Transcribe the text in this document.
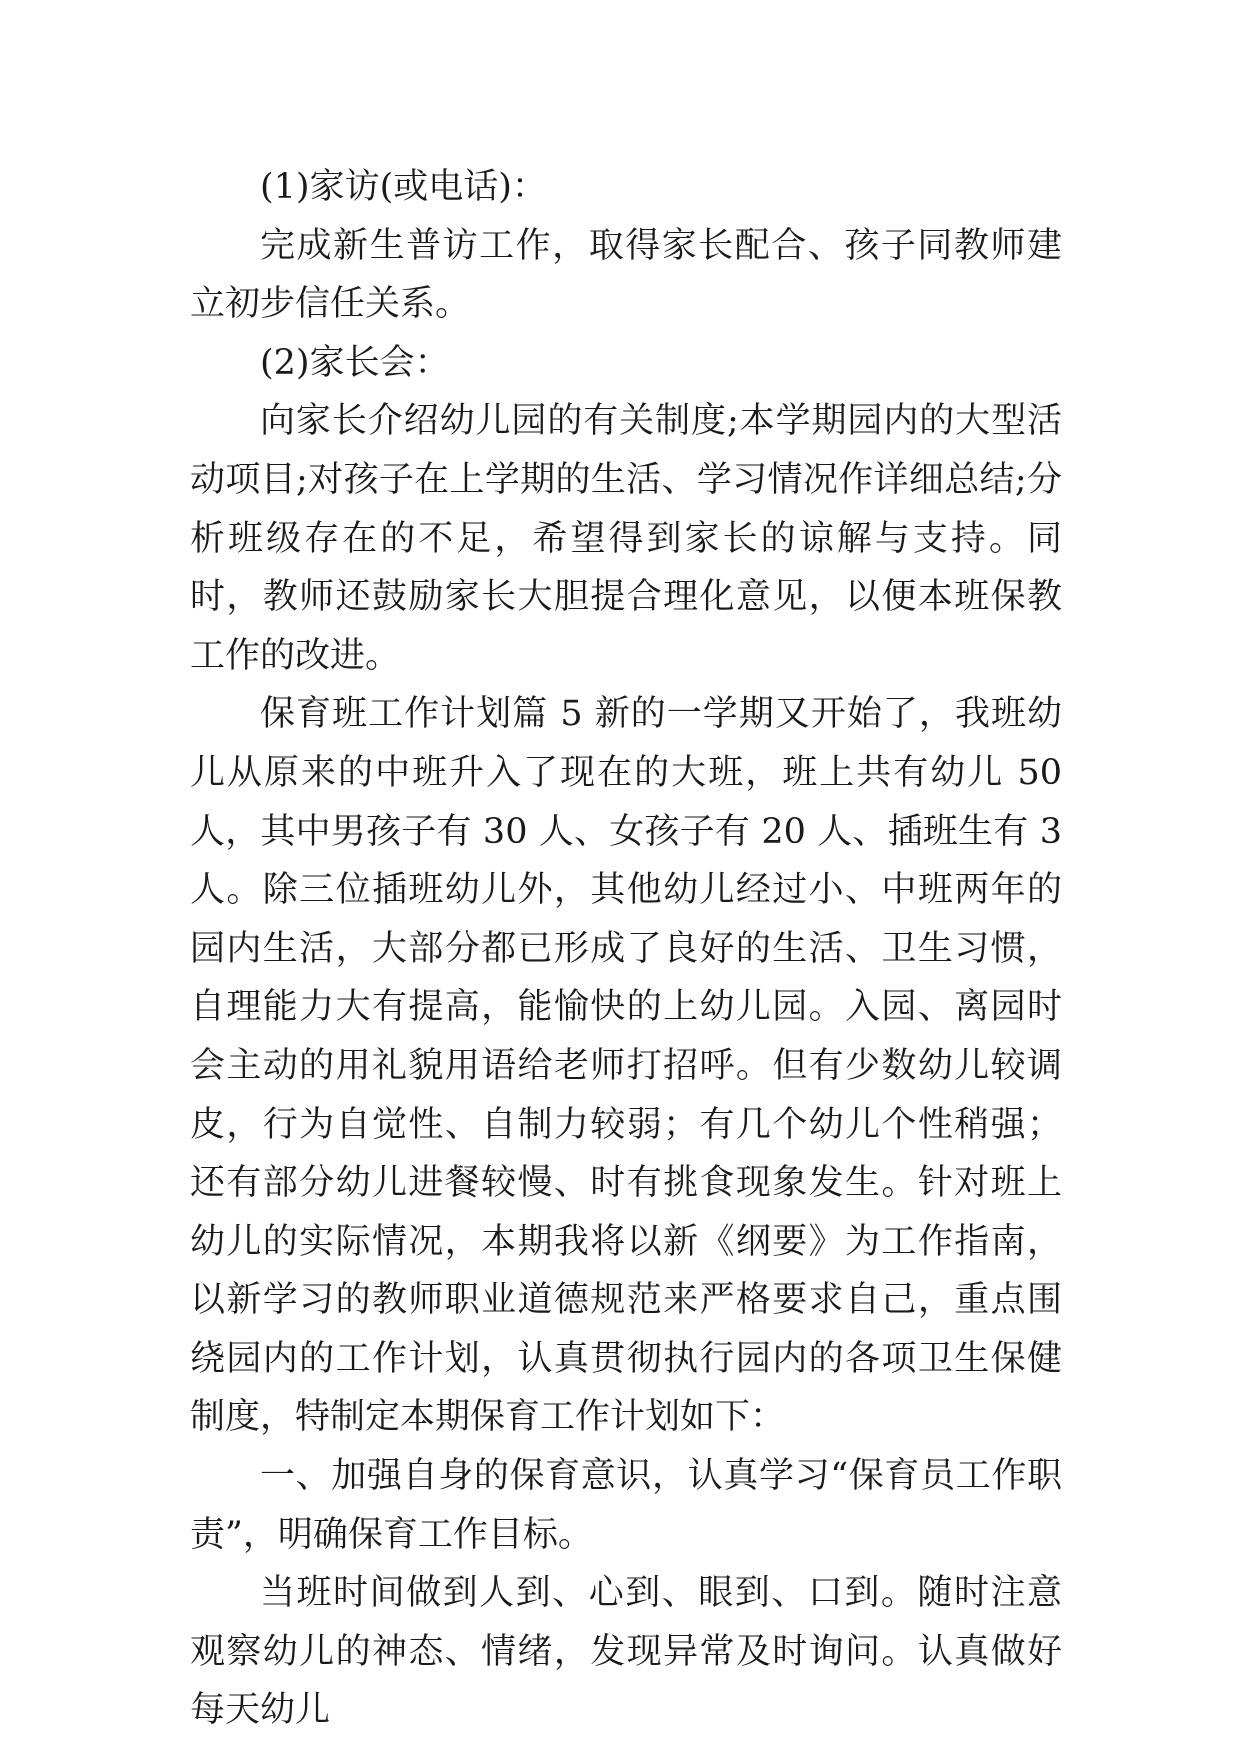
(1)家访(或电话)：

完成新生普访工作，取得家长配合、孩子同教师建立初步信任关系。

(2)家长会：

向家长介绍幼儿园的有关制度;本学期园内的大型活动项目;对孩子在上学期的生活、学习情况作详细总结;分析班级存在的不足，希望得到家长的谅解与支持。同时，教师还鼓励家长大胆提合理化意见，以便本班保教工作的改进。

保育班工作计划篇 5 新的一学期又开始了，我班幼儿从原来的中班升入了现在的大班，班上共有幼儿 50 人，其中男孩子有 30 人、女孩子有 20 人、插班生有 3 人。除三位插班幼儿外，其他幼儿经过小、中班两年的园内生活，大部分都已形成了良好的生活、卫生习惯，自理能力大有提高，能愉快的上幼儿园。入园、离园时会主动的用礼貌用语给老师打招呼。但有少数幼儿较调皮，行为自觉性、自制力较弱；有几个幼儿个性稍强；还有部分幼儿进餐较慢、时有挑食现象发生。针对班上幼儿的实际情况，本期我将以新《纲要》为工作指南，以新学习的教师职业道德规范来严格要求自己，重点围绕园内的工作计划，认真贯彻执行园内的各项卫生保健制度，特制定本期保育工作计划如下：

一、加强自身的保育意识，认真学习“保育员工作职责”，明确保育工作目标。

当班时间做到人到、心到、眼到、口到。随时注意观察幼儿的神态、情绪，发现异常及时询问。认真做好每天幼儿
